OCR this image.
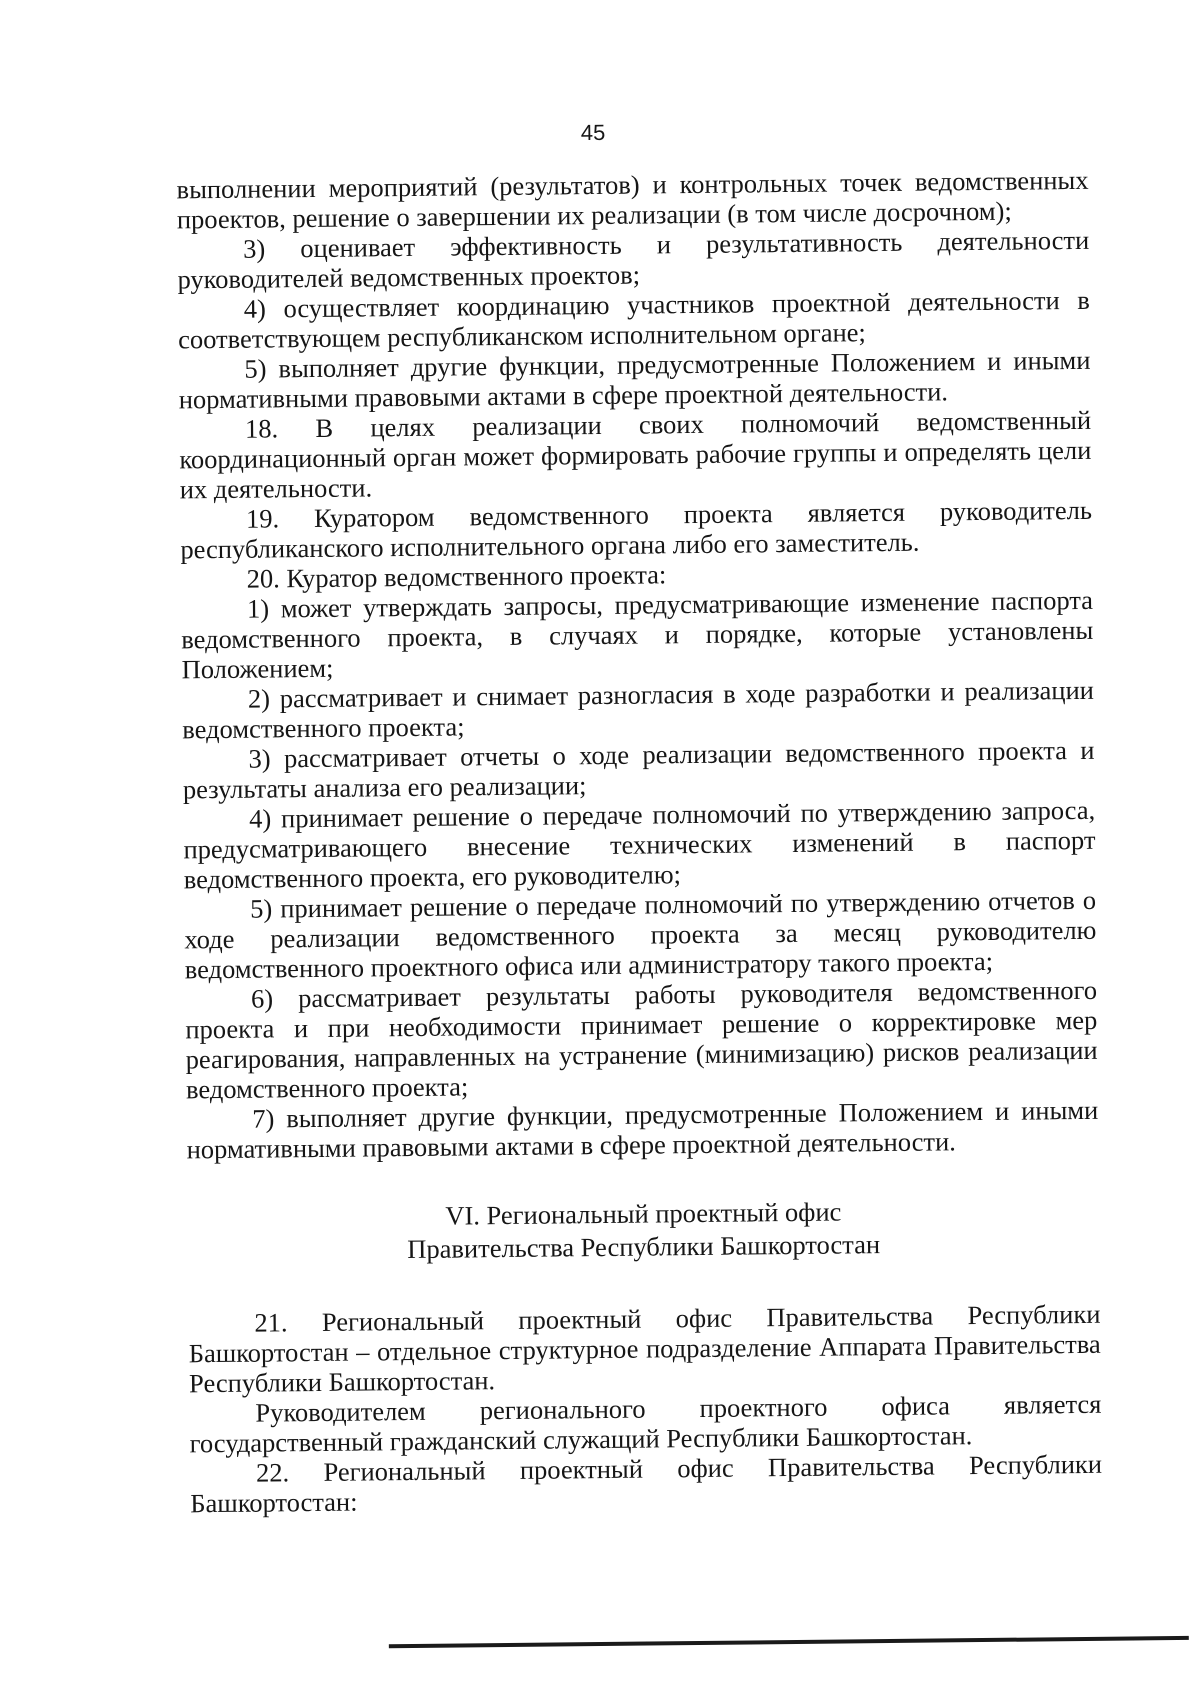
45

выполнении мероприятий (результатов) и контрольных точек ведомственных проектов, решение о завершении их реализации (в том числе досрочном);

3) оценивает эффективность и результативность деятельности руководителей ведомственных проектов;

4) осуществляет координацию участников проектной деятельности в соответствующем республиканском исполнительном органе;

5) выполняет другие функции, предусмотренные Положением и иными нормативными правовыми актами в сфере проектной деятельности.

18. В целях реализации своих полномочий ведомственный координационный орган может формировать рабочие группы и определять цели их деятельности.

19. Куратором ведомственного проекта является руководитель республиканского исполнительного органа либо его заместитель.

20. Куратор ведомственного проекта:

1) может утверждать запросы, предусматривающие изменение паспорта ведомственного проекта, в случаях и порядке, которые установлены Положением;

2) рассматривает и снимает разногласия в ходе разработки и реализации ведомственного проекта;

3) рассматривает отчеты о ходе реализации ведомственного проекта и результаты анализа его реализации;

4) принимает решение о передаче полномочий по утверждению запроса, предусматривающего внесение технических изменений в паспорт ведомственного проекта, его руководителю;

5) принимает решение о передаче полномочий по утверждению отчетов о ходе реализации ведомственного проекта за месяц руководителю ведомственного проектного офиса или администратору такого проекта;

6) рассматривает результаты работы руководителя ведомственного проекта и при необходимости принимает решение о корректировке мер реагирования, направленных на устранение (минимизацию) рисков реализации ведомственного проекта;

7) выполняет другие функции, предусмотренные Положением и иными нормативными правовыми актами в сфере проектной деятельности.

VI. Региональный проектный офис
Правительства Республики Башкортостан

21. Региональный проектный офис Правительства Республики Башкортостан – отдельное структурное подразделение Аппарата Правительства Республики Башкортостан.

Руководителем регионального проектного офиса является государственный гражданский служащий Республики Башкортостан.

22. Региональный проектный офис Правительства Республики Башкортостан:
